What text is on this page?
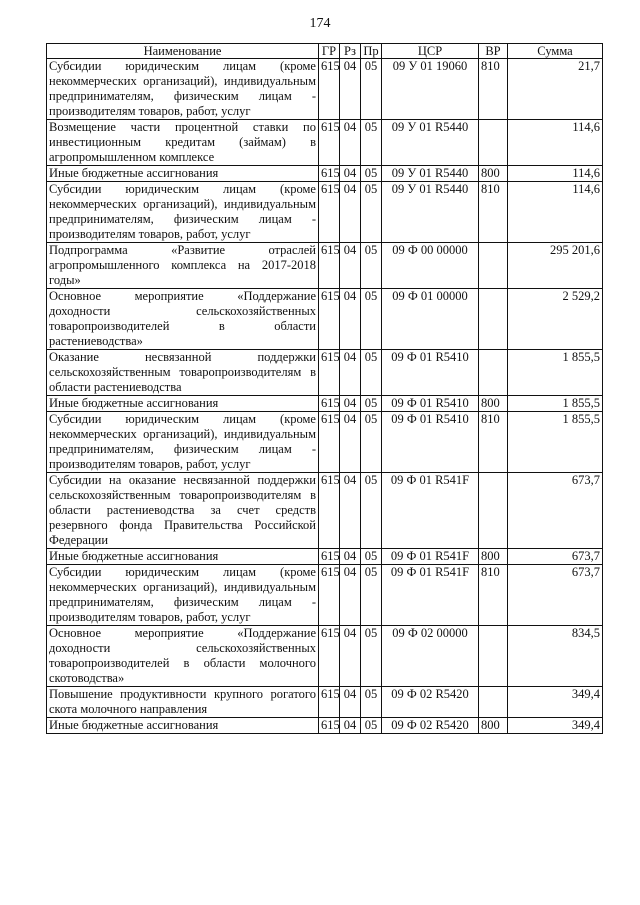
174
Наименование	ГР	Рз	Пр	ЦСР	ВР	Сумма
Субсидии юридическим лицам (кроме некоммерческих организаций), индивидуальным предпринимателям, физическим лицам - производителям товаров, работ, услуг	615	04	05	09 У 01 19060	810	21,7
Возмещение части процентной ставки по инвестиционным кредитам (займам) в агропромышленном комплексе	615	04	05	09 У 01 R5440		114,6
Иные бюджетные ассигнования	615	04	05	09 У 01 R5440	800	114,6
Субсидии юридическим лицам (кроме некоммерческих организаций), индивидуальным предпринимателям, физическим лицам - производителям товаров, работ, услуг	615	04	05	09 У 01 R5440	810	114,6
Подпрограмма «Развитие отраслей агропромышленного комплекса на 2017-2018 годы»	615	04	05	09 Ф 00 00000		295 201,6
Основное мероприятие «Поддержание доходности сельскохозяйственных товаропроизводителей в области растениеводства»	615	04	05	09 Ф 01 00000		2 529,2
Оказание несвязанной поддержки сельскохозяйственным товаропроизводителям в области растениеводства	615	04	05	09 Ф 01 R5410		1 855,5
Иные бюджетные ассигнования	615	04	05	09 Ф 01 R5410	800	1 855,5
Субсидии юридическим лицам (кроме некоммерческих организаций), индивидуальным предпринимателям, физическим лицам - производителям товаров, работ, услуг	615	04	05	09 Ф 01 R5410	810	1 855,5
Субсидии на оказание несвязанной поддержки сельскохозяйственным товаропроизводителям в области растениеводства за счет средств резервного фонда Правительства Российской Федерации	615	04	05	09 Ф 01 R541F		673,7
Иные бюджетные ассигнования	615	04	05	09 Ф 01 R541F	800	673,7
Субсидии юридическим лицам (кроме некоммерческих организаций), индивидуальным предпринимателям, физическим лицам - производителям товаров, работ, услуг	615	04	05	09 Ф 01 R541F	810	673,7
Основное мероприятие «Поддержание доходности сельскохозяйственных товаропроизводителей в области молочного скотоводства»	615	04	05	09 Ф 02 00000		834,5
Повышение продуктивности крупного рогатого скота молочного направления	615	04	05	09 Ф 02 R5420		349,4
Иные бюджетные ассигнования	615	04	05	09 Ф 02 R5420	800	349,4
